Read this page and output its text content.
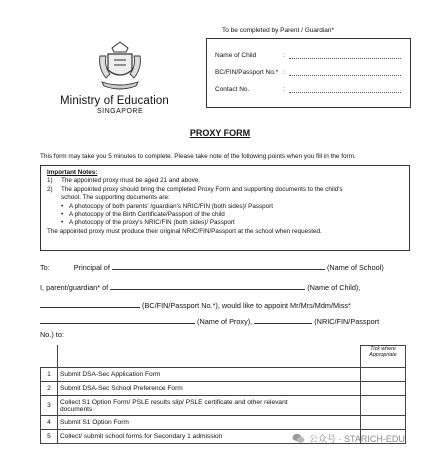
Ministry of Education
SINGAPORE
To be completed by Parent / Guardian*
Name of Child	:
BC/FIN/Passport No.* :
Contact No.	:
PROXY FORM
This form may take you 5 minutes to complete. Please take note of the following points when you fill in the form.
Important Notes:
1) The appointed proxy must be aged 21 and above.
2) The appointed proxy should bring the completed Proxy Form and supporting documents to the child's
school. The supporting documents are:
• A photocopy of both parents' /guardian's NRIC/FIN (both sides)/ Passport
• A photocopy of the Birth Certificate/Passport of the child
• A photocopy of the proxy's NRIC/FIN (both sides)/ Passport
The appointed proxy must produce their original NRIC/FIN/Passport at the school when requested.
To:	Principal of	(Name of School)
I, parent/guardian* of	(Name of Child),
(BC/FIN/Passport No.*), would like to appoint Mr/Mrs/Mdm/Miss*
(Name of Proxy),	(NRIC/FIN/Passport
No.) to:
		Tick where Appropriate
1	Submit DSA-Sec Application Form	
2	Submit DSA-Sec School Preference Form	
3	Collect S1 Option Form/ PSLE results slip/ PSLE certificate and other relevant
documents	
4	Submit S1 Option Form	
5	Collect/ submit school forms for Secondary 1 admission		公众号 · STARICH-EDU
